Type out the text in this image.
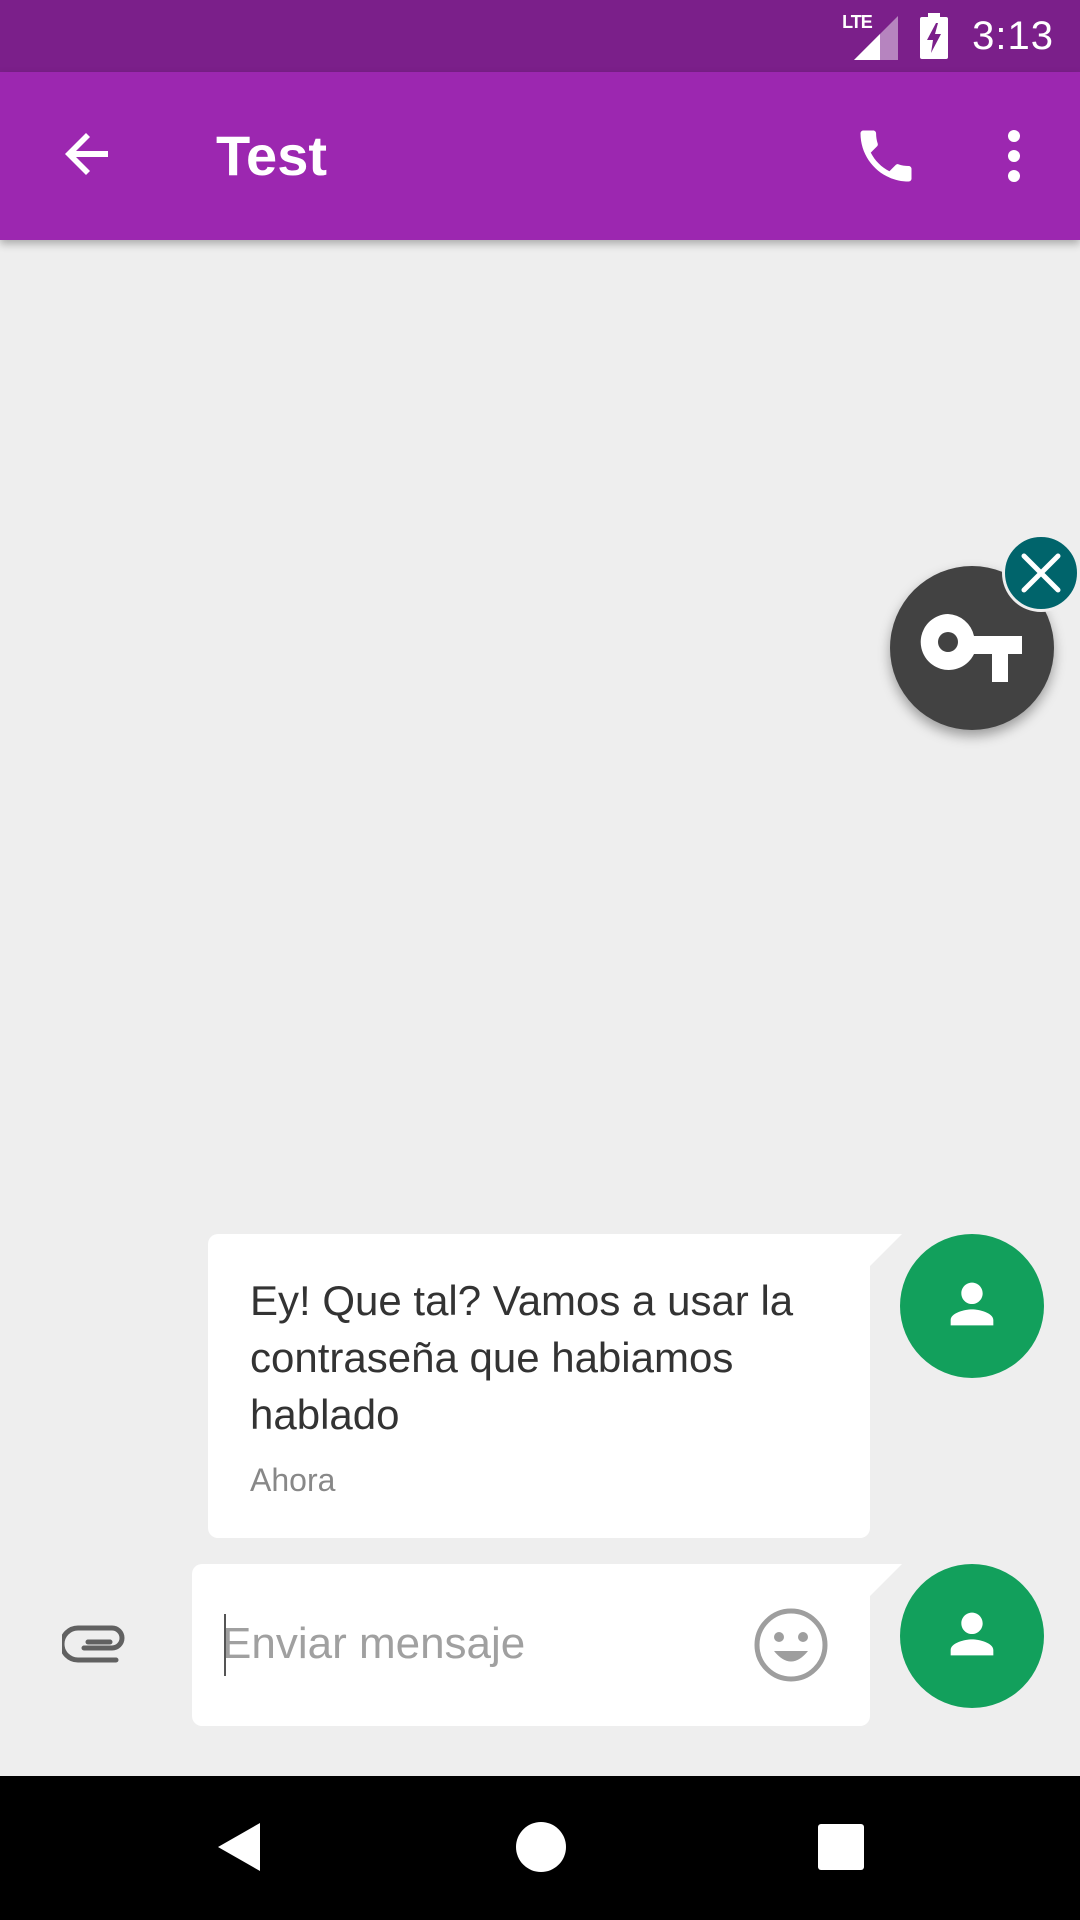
LTE	3:13
Test
Ey! Que tal? Vamos a usar la contraseña que habiamos hablado
Ahora
Enviar mensaje
